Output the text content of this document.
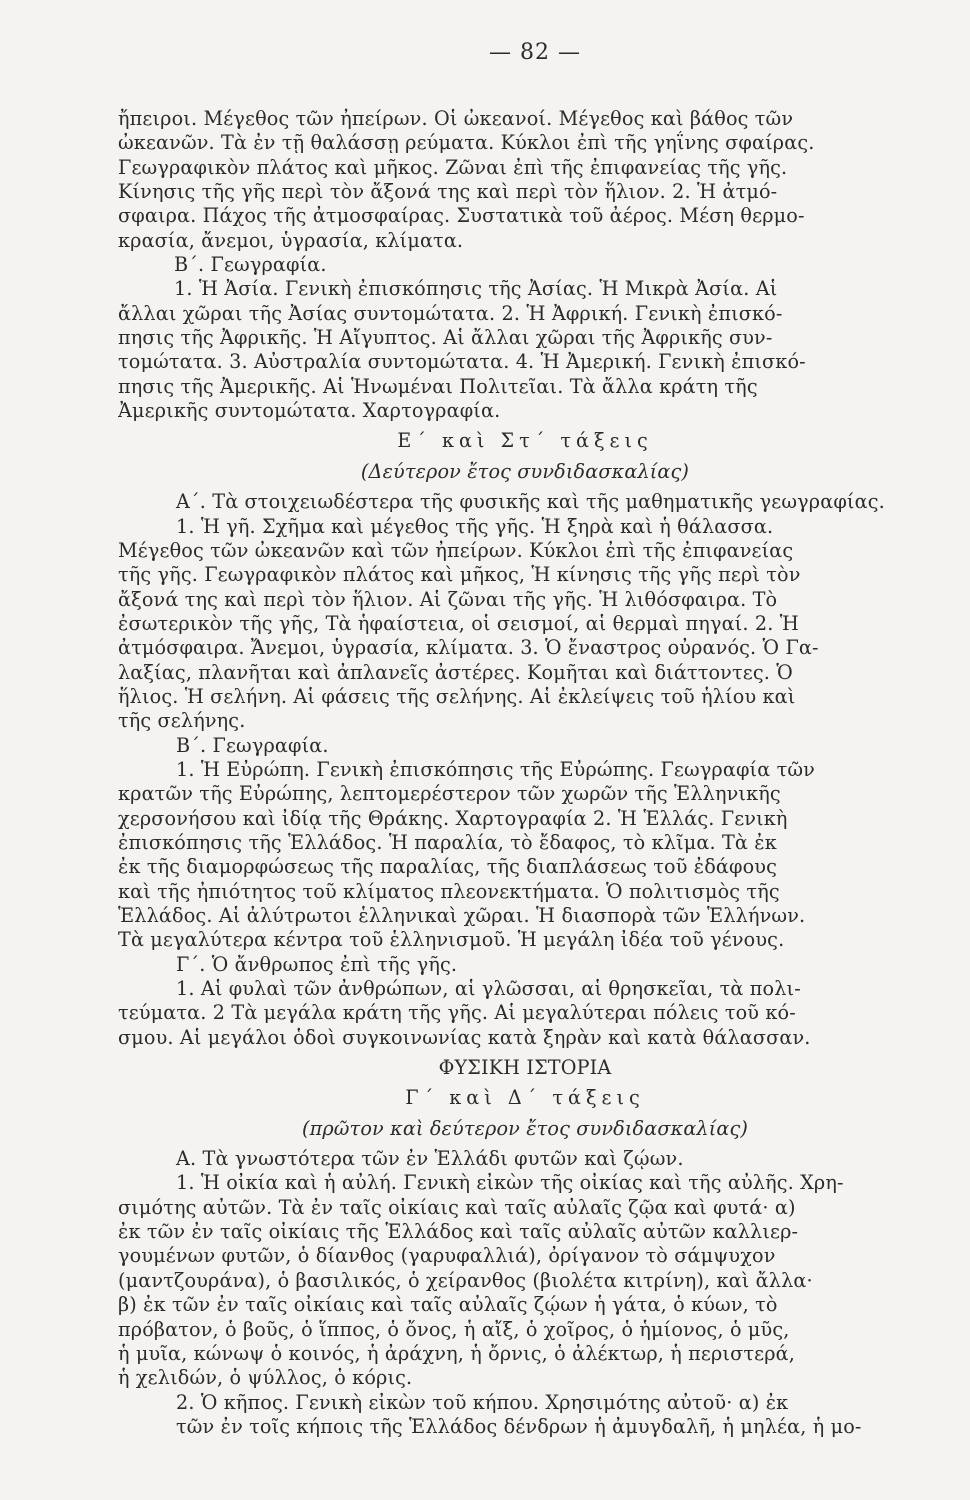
— 82 —
ἤπειροι. Μέγεθος τῶν ἠπείρων. Οἱ ὠκεανοί. Μέγεθος καὶ βάθος τῶν
ὠκεανῶν. Τὰ ἐν τῇ θαλάσσῃ ρεύματα. Κύκλοι ἐπὶ τῆς γηΐνης σφαίρας.
Γεωγραφικὸν πλάτος καὶ μῆκος. Ζῶναι ἐπὶ τῆς ἐπιφανείας τῆς γῆς.
Κίνησις τῆς γῆς περὶ τὸν ἄξονά της καὶ περὶ τὸν ἥλιον. 2. Ἡ ἀτμό-
σφαιρα. Πάχος τῆς ἀτμοσφαίρας. Συστατικὰ τοῦ ἀέρος. Μέση θερμο-
κρασία, ἄνεμοι, ὑγρασία, κλίματα.
Β΄. Γεωγραφία.
1. Ἡ Ἀσία. Γενικὴ ἐπισκόπησις τῆς Ἀσίας. Ἡ Μικρὰ Ἀσία. Αἱ
ἄλλαι χῶραι τῆς Ἀσίας συντομώτατα. 2. Ἡ Ἀφρική. Γενικὴ ἐπισκό-
πησις τῆς Ἀφρικῆς. Ἡ Αἴγυπτος. Αἱ ἄλλαι χῶραι τῆς Ἀφρικῆς συν-
τομώτατα. 3. Αὐστραλία συντομώτατα. 4. Ἡ Ἀμερική. Γενικὴ ἐπισκό-
πησις τῆς Ἀμερικῆς. Αἱ Ἡνωμέναι Πολιτεῖαι. Τὰ ἄλλα κράτη τῆς
Ἀμερικῆς συντομώτατα. Χαρτογραφία.
Ε΄ καὶ Στ΄ τάξεις
(Δεύτερον ἔτος συνδιδασκαλίας)
Α΄. Τὰ στοιχειωδέστερα τῆς φυσικῆς καὶ τῆς μαθηματικῆς γεωγραφίας.
1. Ἡ γῆ. Σχῆμα καὶ μέγεθος τῆς γῆς. Ἡ ξηρὰ καὶ ἡ θάλασσα.
Μέγεθος τῶν ὠκεανῶν καὶ τῶν ἠπείρων. Κύκλοι ἐπὶ τῆς ἐπιφανείας
τῆς γῆς. Γεωγραφικὸν πλάτος καὶ μῆκος, Ἡ κίνησις τῆς γῆς περὶ τὸν
ἄξονά της καὶ περὶ τὸν ἥλιον. Αἱ ζῶναι τῆς γῆς. Ἡ λιθόσφαιρα. Τὸ
ἐσωτερικὸν τῆς γῆς, Τὰ ἡφαίστεια, οἱ σεισμοί, αἱ θερμαὶ πηγαί. 2. Ἡ
ἀτμόσφαιρα. Ἄνεμοι, ὑγρασία, κλίματα. 3. Ὁ ἔναστρος οὐρανός. Ὁ Γα-
λαξίας, πλανῆται καὶ ἀπλανεῖς ἀστέρες. Κομῆται καὶ διάττοντες. Ὁ
ἥλιος. Ἡ σελήνη. Αἱ φάσεις τῆς σελήνης. Αἱ ἐκλείψεις τοῦ ἡλίου καὶ
τῆς σελήνης.
Β΄. Γεωγραφία.
1. Ἡ Εὐρώπη. Γενικὴ ἐπισκόπησις τῆς Εὐρώπης. Γεωγραφία τῶν
κρατῶν τῆς Εὐρώπης, λεπτομερέστερον τῶν χωρῶν τῆς Ἑλληνικῆς
χερσονήσου καὶ ἰδίᾳ τῆς Θράκης. Χαρτογραφία 2. Ἡ Ἑλλάς. Γενικὴ
ἐπισκόπησις τῆς Ἑλλάδος. Ἡ παραλία, τὸ ἔδαφος, τὸ κλῖμα. Τὰ ἐκ
ἐκ τῆς διαμορφώσεως τῆς παραλίας, τῆς διαπλάσεως τοῦ ἐδάφους
καὶ τῆς ἠπιότητος τοῦ κλίματος πλεονεκτήματα. Ὁ πολιτισμὸς τῆς
Ἑλλάδος. Αἱ ἀλύτρωτοι ἑλληνικαὶ χῶραι. Ἡ διασπορὰ τῶν Ἑλλήνων.
Τὰ μεγαλύτερα κέντρα τοῦ ἑλληνισμοῦ. Ἡ μεγάλη ἰδέα τοῦ γένους.
Γ΄. Ὁ ἄνθρωπος ἐπὶ τῆς γῆς.
1. Αἱ φυλαὶ τῶν ἀνθρώπων, αἱ γλῶσσαι, αἱ θρησκεῖαι, τὰ πολι-
τεύματα. 2 Τὰ μεγάλα κράτη τῆς γῆς. Αἱ μεγαλύτεραι πόλεις τοῦ κό-
σμου. Αἱ μεγάλοι ὁδοὶ συγκοινωνίας κατὰ ξηρὰν καὶ κατὰ θάλασσαν.
ΦΥΣΙΚΗ ΙΣΤΟΡΙΑ
Γ΄ καὶ Δ΄ τάξεις
(πρῶτον καὶ δεύτερον ἔτος συνδιδασκαλίας)
Α. Τὰ γνωστότερα τῶν ἐν Ἑλλάδι φυτῶν καὶ ζῴων.
1. Ἡ οἰκία καὶ ἡ αὐλή. Γενικὴ εἰκὼν τῆς οἰκίας καὶ τῆς αὐλῆς. Χρη-
σιμότης αὐτῶν. Τὰ ἐν ταῖς οἰκίαις καὶ ταῖς αὐλαῖς ζῷα καὶ φυτά· α)
ἐκ τῶν ἐν ταῖς οἰκίαις τῆς Ἑλλάδος καὶ ταῖς αὐλαῖς αὐτῶν καλλιερ-
γουμένων φυτῶν, ὁ δίανθος (γαρυφαλλιά), ὀρίγανον τὸ σάμψυχον
(μαντζουράνα), ὁ βασιλικός, ὁ χείρανθος (βιολέτα κιτρίνη), καὶ ἄλλα·
β) ἐκ τῶν ἐν ταῖς οἰκίαις καὶ ταῖς αὐλαῖς ζῴων ἡ γάτα, ὁ κύων, τὸ
πρόβατον, ὁ βοῦς, ὁ ἵππος, ὁ ὄνος, ἡ αἴξ, ὁ χοῖρος, ὁ ἡμίονος, ὁ μῦς,
ἡ μυῖα, κώνωψ ὁ κοινός, ἡ ἀράχνη, ἡ ὄρνις, ὁ ἀλέκτωρ, ἡ περιστερά,
ἡ χελιδών, ὁ ψύλλος, ὁ κόρις.
2. Ὁ κῆπος. Γενικὴ εἰκὼν τοῦ κήπου. Χρησιμότης αὐτοῦ· α) ἐκ
τῶν ἐν τοῖς κήποις τῆς Ἑλλάδος δένδρων ἡ ἀμυγδαλῆ, ἡ μηλέα, ἡ μο-
